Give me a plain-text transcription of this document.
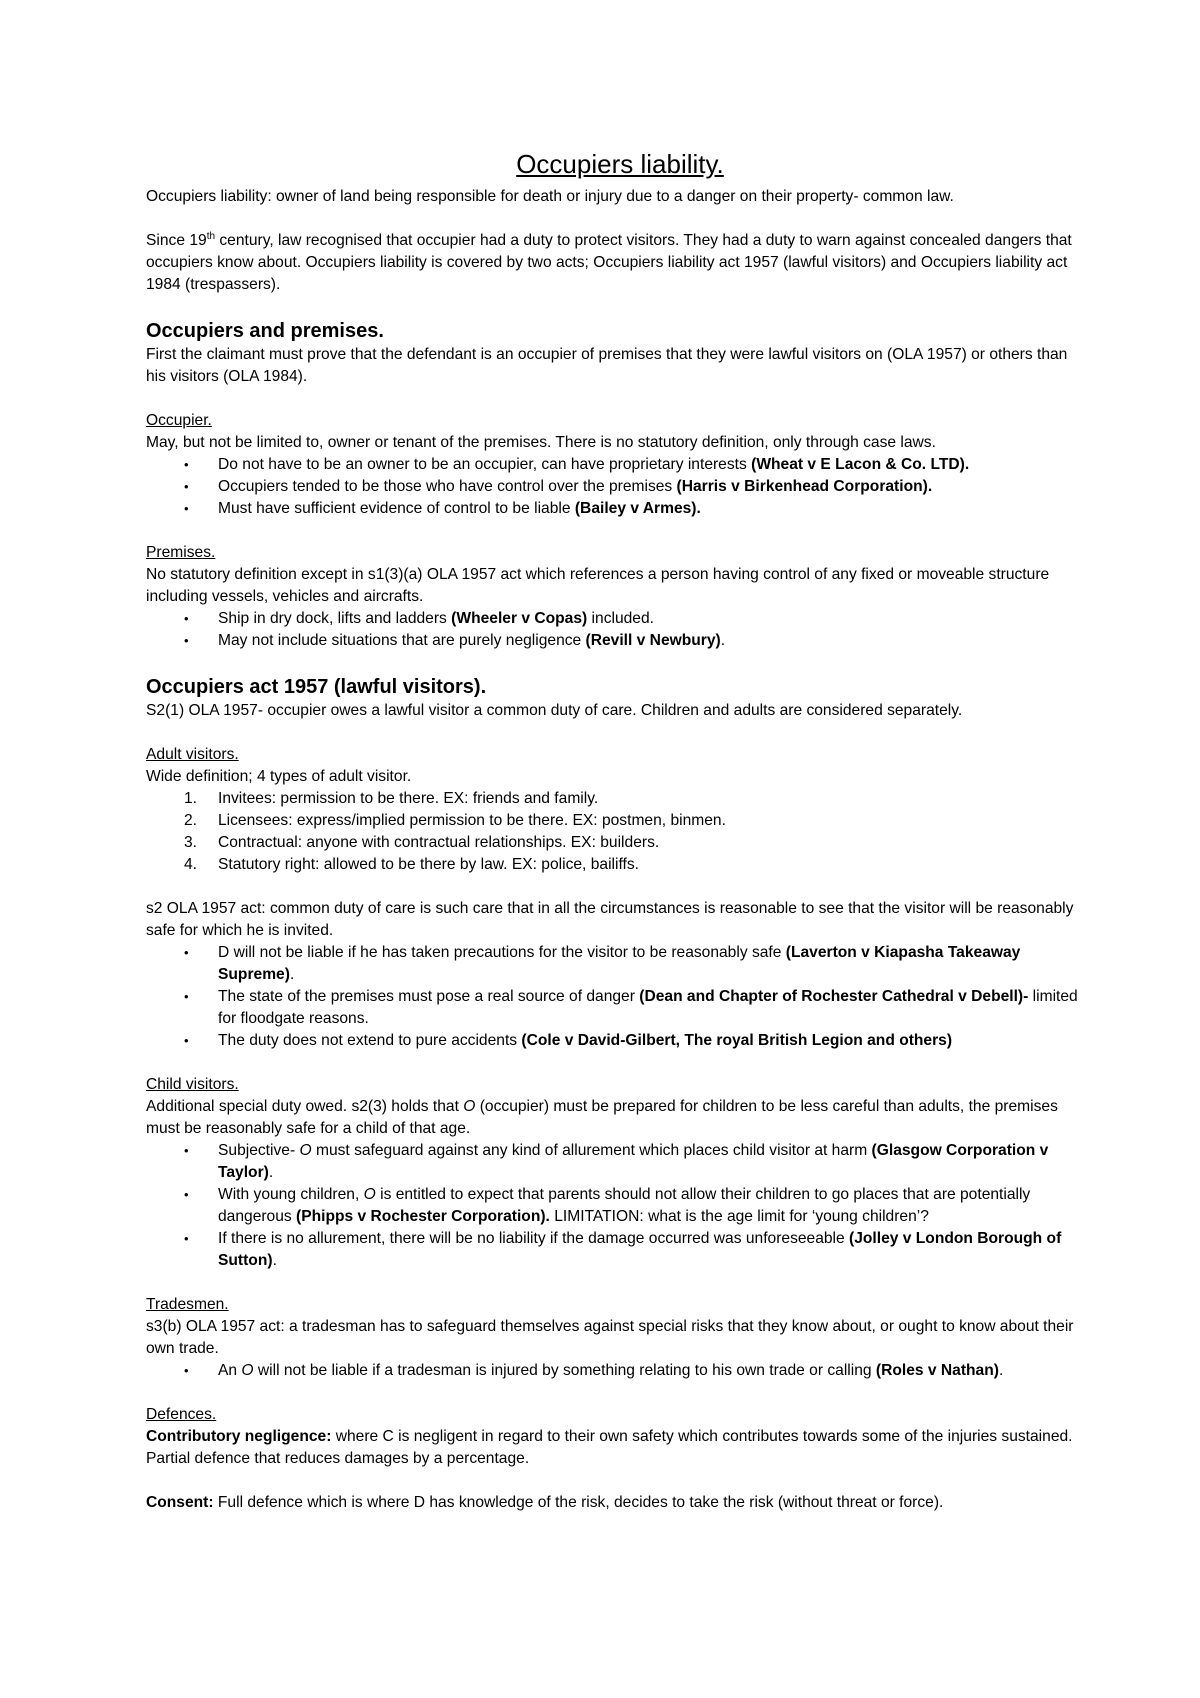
Occupiers liability.

Occupiers liability: owner of land being responsible for death or injury due to a danger on their property- common law.

Since 19th century, law recognised that occupier had a duty to protect visitors. They had a duty to warn against concealed dangers that occupiers know about. Occupiers liability is covered by two acts; Occupiers liability act 1957 (lawful visitors) and Occupiers liability act 1984 (trespassers).

Occupiers and premises.

First the claimant must prove that the defendant is an occupier of premises that they were lawful visitors on (OLA 1957) or others than his visitors (OLA 1984).

Occupier.

May, but not be limited to, owner or tenant of the premises. There is no statutory definition, only through case laws.

• Do not have to be an owner to be an occupier, can have proprietary interests (Wheat v E Lacon & Co. LTD).
• Occupiers tended to be those who have control over the premises (Harris v Birkenhead Corporation).
• Must have sufficient evidence of control to be liable (Bailey v Armes).

Premises.

No statutory definition except in s1(3)(a) OLA 1957 act which references a person having control of any fixed or moveable structure including vessels, vehicles and aircrafts.

• Ship in dry dock, lifts and ladders (Wheeler v Copas) included.
• May not include situations that are purely negligence (Revill v Newbury).
Occupiers act 1957 (lawful visitors).

S2(1) OLA 1957- occupier owes a lawful visitor a common duty of care. Children and adults are considered separately.

Adult visitors.

Wide definition; 4 types of adult visitor.

1. Invitees: permission to be there. EX: friends and family.
2. Licensees: express/implied permission to be there. EX: postmen, binmen.
3. Contractual: anyone with contractual relationships. EX: builders.
4. Statutory right: allowed to be there by law. EX: police, bailiffs.

s2 OLA 1957 act: common duty of care is such care that in all the circumstances is reasonable to see that the visitor will be reasonably safe for which he is invited.

• D will not be liable if he has taken precautions for the visitor to be reasonably safe (Laverton v Kiapasha Takeaway Supreme).
• The state of the premises must pose a real source of danger (Dean and Chapter of Rochester Cathedral v Debell)- limited for floodgate reasons.
• The duty does not extend to pure accidents (Cole v David-Gilbert, The royal British Legion and others)

Child visitors.

Additional special duty owed. s2(3) holds that O (occupier) must be prepared for children to be less careful than adults, the premises must be reasonably safe for a child of that age.

• Subjective- O must safeguard against any kind of allurement which places child visitor at harm (Glasgow Corporation v Taylor).
• With young children, O is entitled to expect that parents should not allow their children to go places that are potentially dangerous (Phipps v Rochester Corporation). LIMITATION: what is the age limit for ‘young children’?
• If there is no allurement, there will be no liability if the damage occurred was unforeseeable (Jolley v London Borough of Sutton).

Tradesmen.

s3(b) OLA 1957 act: a tradesman has to safeguard themselves against special risks that they know about, or ought to know about their own trade.

• An O will not be liable if a tradesman is injured by something relating to his own trade or calling (Roles v Nathan).

Defences.

Contributory negligence: where C is negligent in regard to their own safety which contributes towards some of the injuries sustained. Partial defence that reduces damages by a percentage.

Consent: Full defence which is where D has knowledge of the risk, decides to take the risk (without threat or force).
